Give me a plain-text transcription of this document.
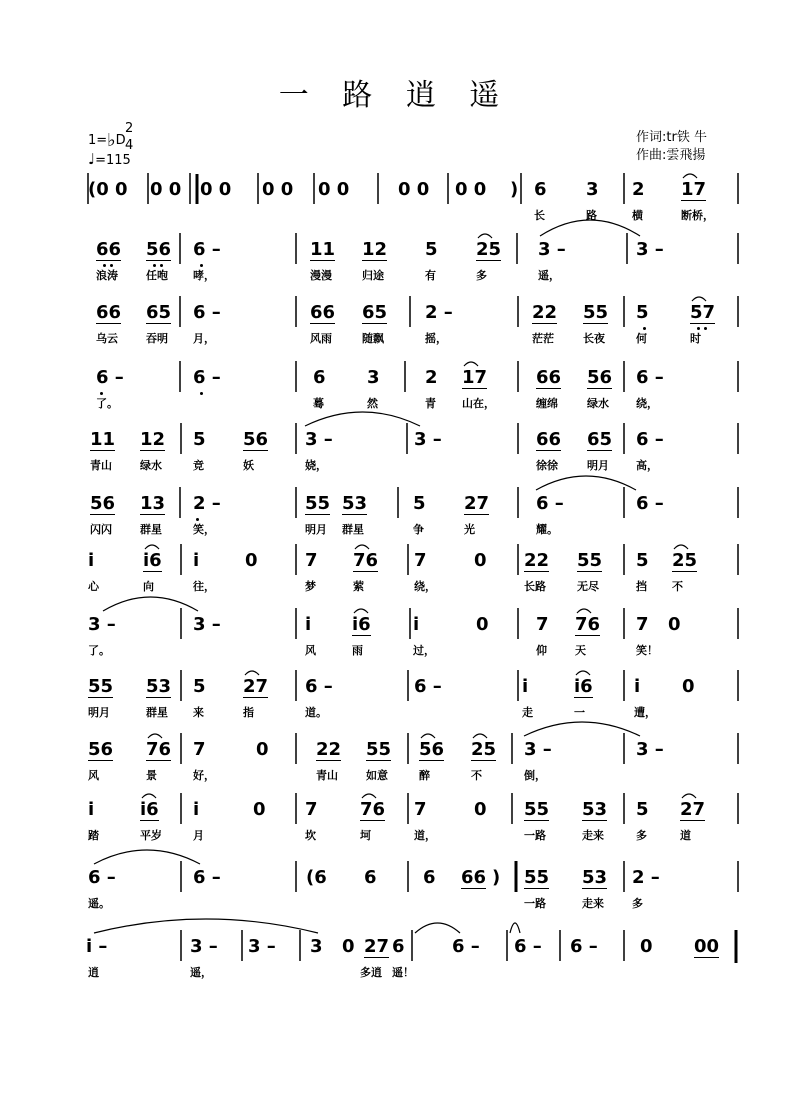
一 路 逍 遥
1=♭D
2
4
♩=115
作词:tr铁 牛
作曲:雲飛揚
(0 0 0 0 0 0 0 0 0 0	0 0 0 0 ) 6 3 2 17
长	路	横	断桥，
66 56 6 –	11 12 5 25 3 –	3 –
浪涛	任咆 哮，	漫漫	归途	有	多	遥，
66 65 6 –	66 65 2 –	22 55 5 57
乌云	吞明 月，	风雨	随飘	摇，	茫茫	长夜	何	时
6 –	6 –	6 3	2 17	66 56 6 –
了。	蓦	然	青 山在，	缠绵	绿水 绕，
11 12 5 56 3 –	3 –	66 65 6 –
青山	绿水	竞	妖	娆，	徐徐	明月 高，
56 13 2 –	55 53	5 27	6 –	6 –
闪闪	群星	笑，	明月 群星	争	光	耀。
i	i6 i	0	7 76 7	0 22 55 5 25
心	向	往，	梦	萦	绕，	长路	无尽	挡 不
3 –	3 –	i i6 i	0	7 76 7 0
了。	风	雨	过，	仰	天	笑！
55 53 5 27 6 –	6 –	i	i6 i 0
明月	群星 来	指	道。	走	一	遭，
56 76 7	0	22 55 56 25 3 –	3 –
风	景	好，	青山	如意	醉	不	倒，
i	i6 i	0 7 76 7	0 55 53 5 27
踏	平岁	月	坎	坷	道，	一路	走来	多	道
6 –	6 –	(6 6	6 66 ) 55 53 2 –
遥。	一路	走来	多
i –	3 – 3 – 3 0 27 6	6 – 6 – 6 – 0 00
逍	遥，	多逍 遥！
